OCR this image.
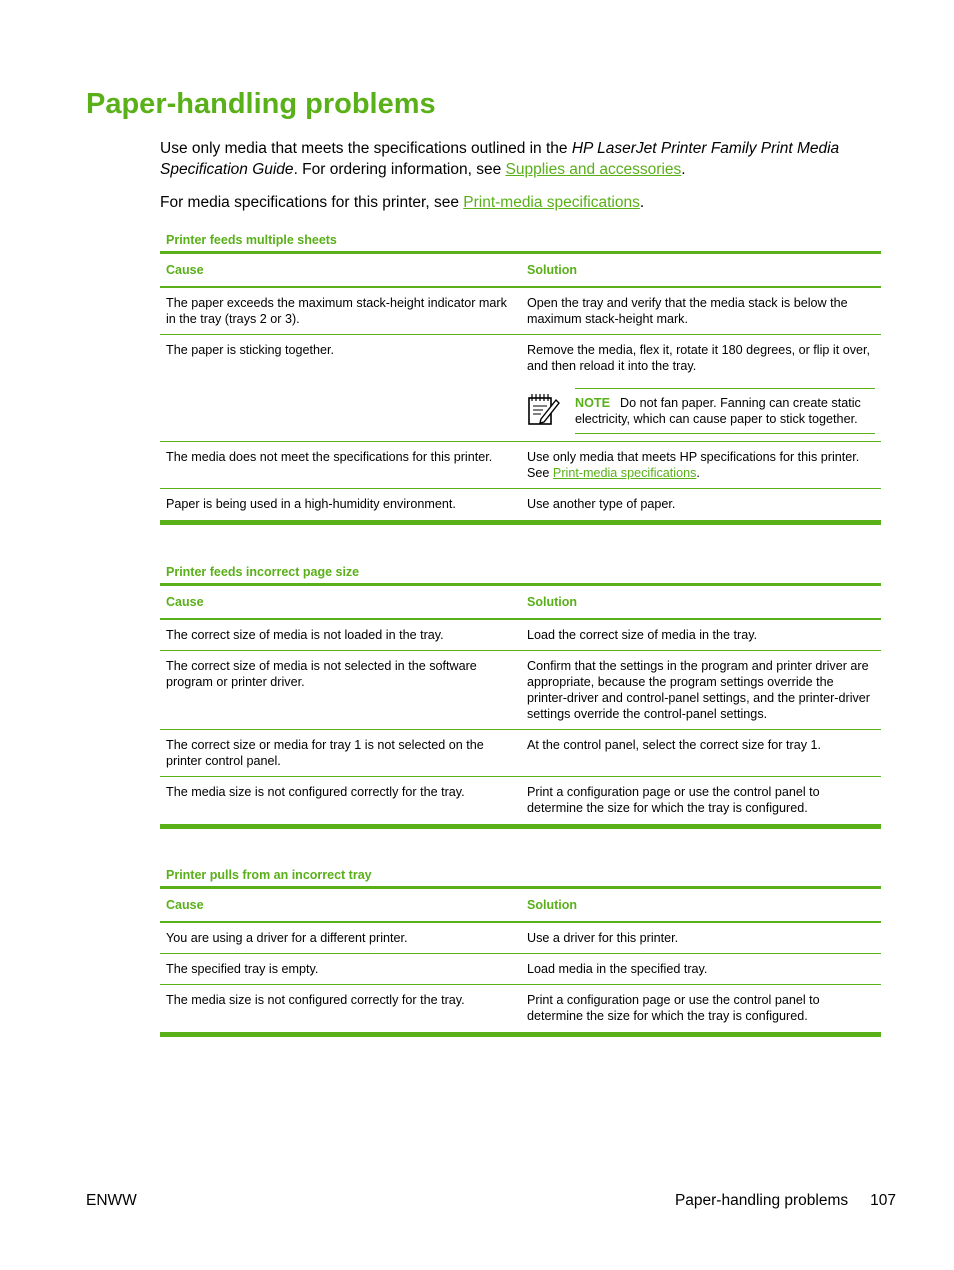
Paper-handling problems

Use only media that meets the specifications outlined in the HP LaserJet Printer Family Print Media Specification Guide. For ordering information, see Supplies and accessories.

For media specifications for this printer, see Print-media specifications.

Printer feeds multiple sheets
Cause	Solution
The paper exceeds the maximum stack-height indicator mark in the tray (trays 2 or 3).	Open the tray and verify that the media stack is below the maximum stack-height mark.
The paper is sticking together.	Remove the media, flex it, rotate it 180 degrees, or flip it over, and then reload it into the tray.
NOTE Do not fan paper. Fanning can create static electricity, which can cause paper to stick together.

The media does not meet the specifications for this printer.	Use only media that meets HP specifications for this printer. See Print-media specifications.
Paper is being used in a high-humidity environment.	Use another type of paper.
Printer feeds incorrect page size
Cause	Solution
The correct size of media is not loaded in the tray.	Load the correct size of media in the tray.
The correct size of media is not selected in the software program or printer driver.	Confirm that the settings in the program and printer driver are appropriate, because the program settings override the printer-driver and control-panel settings, and the printer-driver settings override the control-panel settings.
The correct size or media for tray 1 is not selected on the printer control panel.	At the control panel, select the correct size for tray 1.
The media size is not configured correctly for the tray.	Print a configuration page or use the control panel to determine the size for which the tray is configured.
Printer pulls from an incorrect tray
Cause	Solution
You are using a driver for a different printer.	Use a driver for this printer.
The specified tray is empty.	Load media in the specified tray.
The media size is not configured correctly for the tray.	Print a configuration page or use the control panel to determine the size for which the tray is configured.
ENWW	Paper-handling problems 107
